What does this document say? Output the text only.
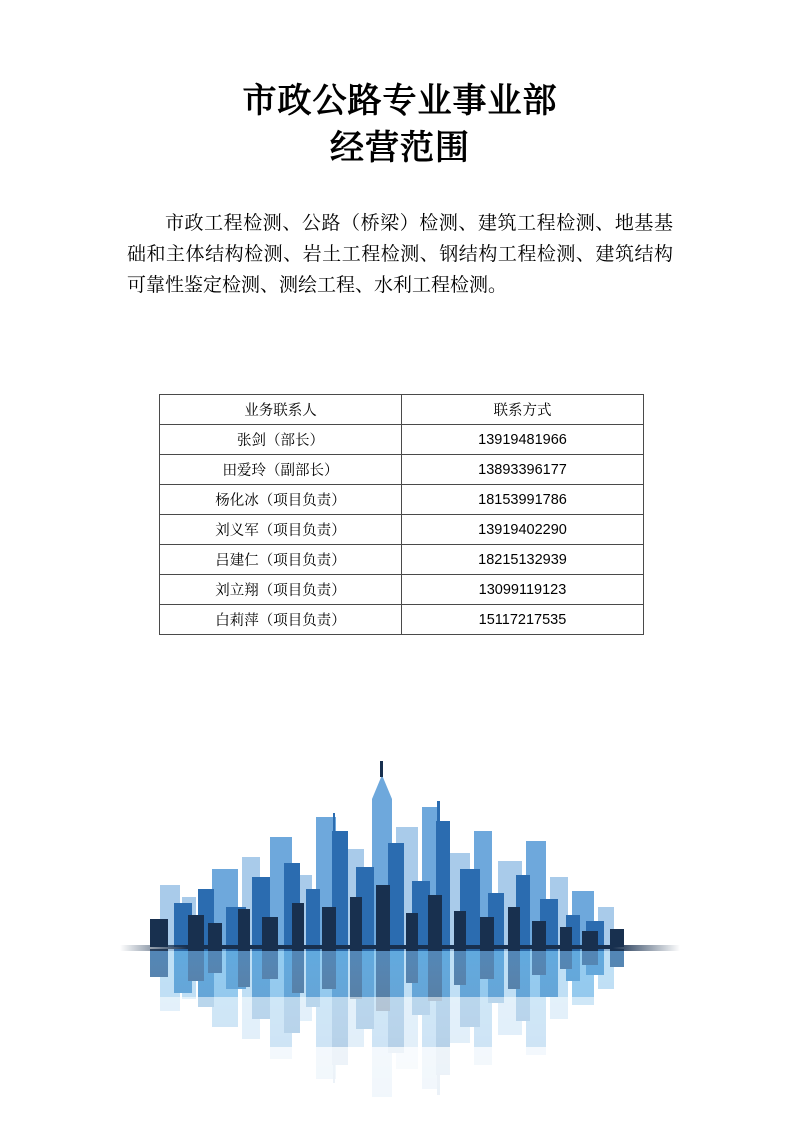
市政公路专业事业部
经营范围
市政工程检测、公路（桥梁）检测、建筑工程检测、地基基础和主体结构检测、岩土工程检测、钢结构工程检测、建筑结构可靠性鉴定检测、测绘工程、水利工程检测。
业务联系人	联系方式
张剑（部长）	13919481966
田爱玲（副部长）	13893396177
杨化冰（项目负责）	18153991786
刘义军（项目负责）	13919402290
吕建仁（项目负责）	18215132939
刘立翔（项目负责）	13099119123
白莉萍（项目负责）	15117217535
